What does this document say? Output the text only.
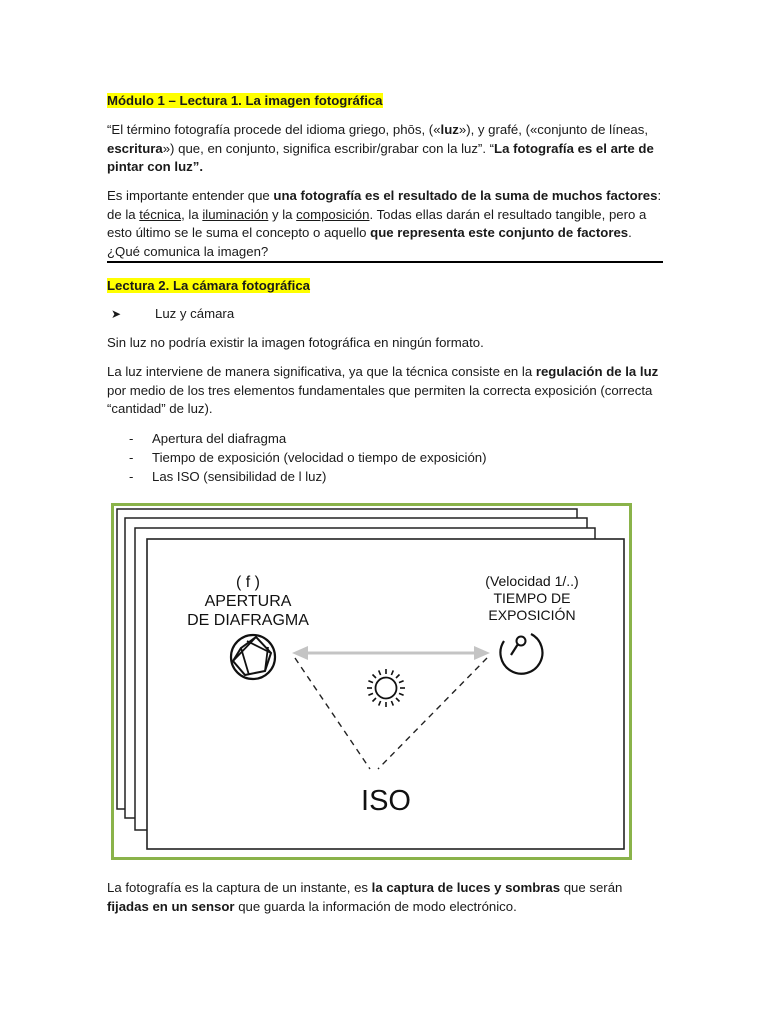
Módulo 1 – Lectura 1. La imagen fotográfica

“El término fotografía procede del idioma griego, phōs, («luz»), y grafé, («conjunto de líneas, escritura») que, en conjunto, significa escribir/grabar con la luz”. “La fotografía es el arte de pintar con luz”.

Es importante entender que una fotografía es el resultado de la suma de muchos factores: de la técnica, la iluminación y la composición. Todas ellas darán el resultado tangible, pero a esto último se le suma el concepto o aquello que representa este conjunto de factores. ¿Qué comunica la imagen?

Lectura 2. La cámara fotográfica
➤	Luz y cámara

Sin luz no podría existir la imagen fotográfica en ningún formato.

La luz interviene de manera significativa, ya que la técnica consiste en la regulación de la luz por medio de los tres elementos fundamentales que permiten la correcta exposición (correcta “cantidad” de luz).

- Apertura del diafragma
- Tiempo de exposición (velocidad o tiempo de exposición)
- Las ISO (sensibilidad de l luz)

La fotografía es la captura de un instante, es la captura de luces y sombras que serán fijadas en un sensor que guarda la información de modo electrónico.

( f )
APERTURA
DE DIAFRAGMA
(Velocidad 1/..)
TIEMPO DE
EXPOSICIÓN
ISO
